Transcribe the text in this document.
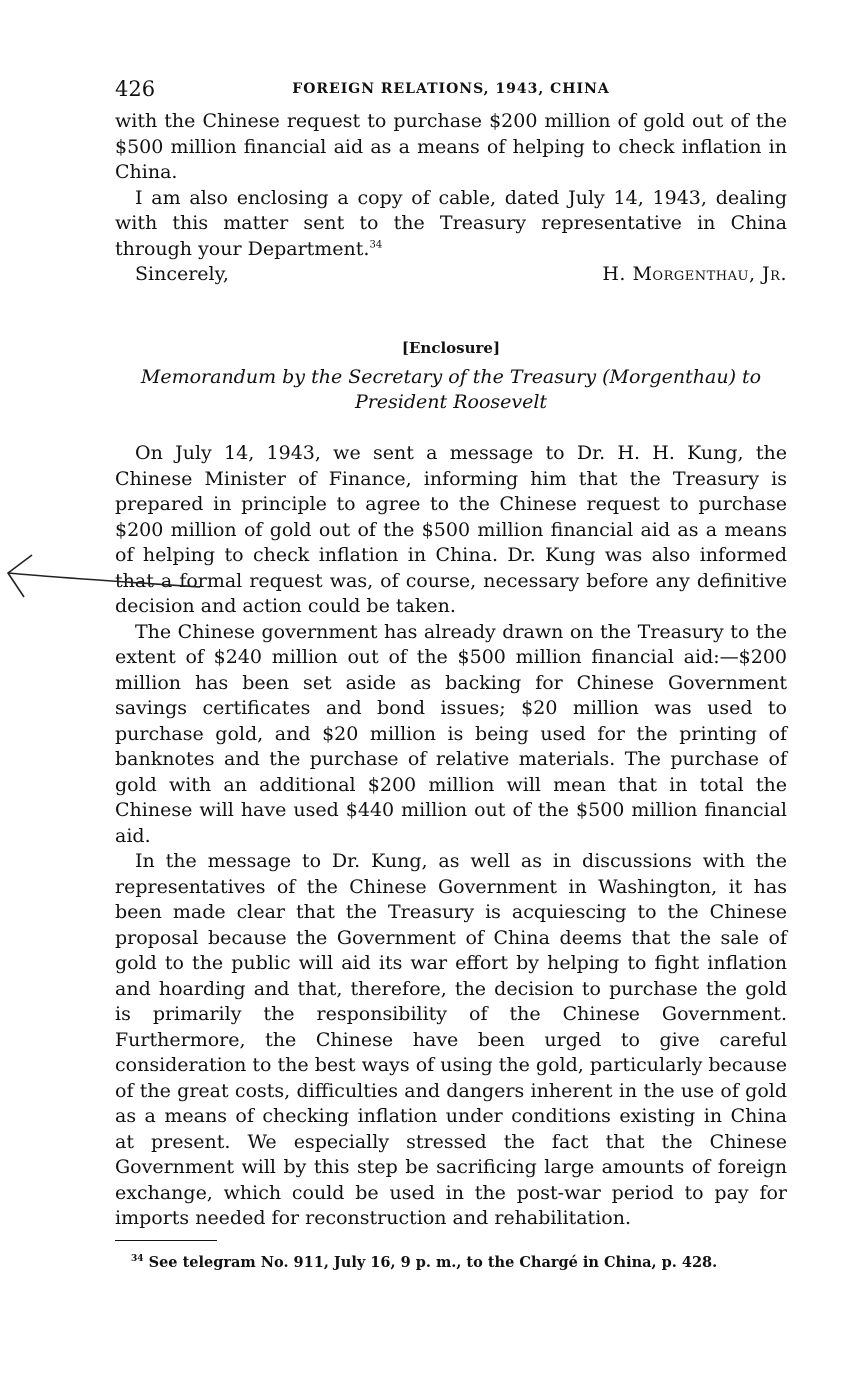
426	FOREIGN RELATIONS, 1943, CHINA

with the Chinese request to purchase $200 million of gold out of the $500 million financial aid as a means of helping to check inflation in China.

I am also enclosing a copy of cable, dated July 14, 1943, dealing with this matter sent to the Treasury representative in China through your Department.$^{34}$

Sincerely,	H. Morgenthau, Jr.
[Enclosure]
Memorandum by the Secretary of the Treasury (Morgenthau) to President Roosevelt

On July 14, 1943, we sent a message to Dr. H. H. Kung, the Chinese Minister of Finance, informing him that the Treasury is prepared in principle to agree to the Chinese request to purchase $200 million of gold out of the $500 million financial aid as a means of helping to check inflation in China. Dr. Kung was also informed that a formal request was, of course, necessary before any definitive decision and action could be taken.

The Chinese government has already drawn on the Treasury to the extent of $240 million out of the $500 million financial aid:—$200 million has been set aside as backing for Chinese Government savings certificates and bond issues; $20 million was used to purchase gold, and $20 million is being used for the printing of banknotes and the purchase of relative materials. The purchase of gold with an additional $200 million will mean that in total the Chinese will have used $440 million out of the $500 million financial aid.

In the message to Dr. Kung, as well as in discussions with the representatives of the Chinese Government in Washington, it has been made clear that the Treasury is acquiescing to the Chinese proposal because the Government of China deems that the sale of gold to the public will aid its war effort by helping to fight inflation and hoarding and that, therefore, the decision to purchase the gold is primarily the responsibility of the Chinese Government. Furthermore, the Chinese have been urged to give careful consideration to the best ways of using the gold, particularly because of the great costs, difficulties and dangers inherent in the use of gold as a means of checking inflation under conditions existing in China at present. We especially stressed the fact that the Chinese Government will by this step be sacrificing large amounts of foreign exchange, which could be used in the post-war period to pay for imports needed for reconstruction and rehabilitation.

$^{34}$ See telegram No. 911, July 16, 9 p. m., to the Chargé in China, p. 428.
